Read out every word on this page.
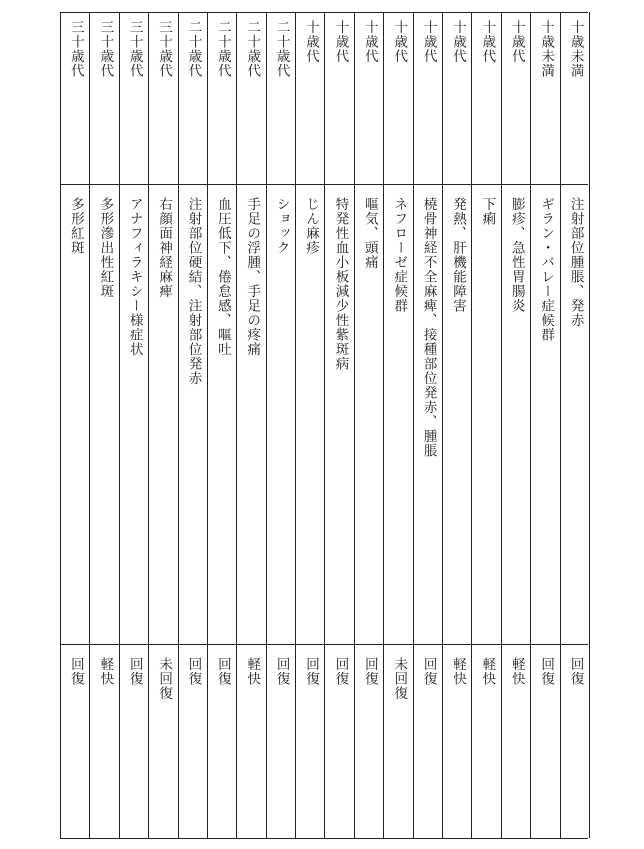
十歳未満
注射部位腫脹、発赤
回復
十歳未満
ギラン・バレー症候群
回復
十歳代
膨疹、急性胃腸炎
軽快
十歳代
下痢
軽快
十歳代
発熱、肝機能障害
軽快
十歳代
橈骨神経不全麻痺、接種部位発赤、腫脹
回復
十歳代
ネフローゼ症候群
未回復
十歳代
嘔気、頭痛
回復
十歳代
特発性血小板減少性紫斑病
回復
十歳代
じん麻疹
回復
二十歳代
ショック
回復
二十歳代
手足の浮腫、手足の疼痛
軽快
二十歳代
血圧低下、倦怠感、嘔吐
回復
二十歳代
注射部位硬結、注射部位発赤
回復
三十歳代
右顔面神経麻痺
未回復
三十歳代
アナフィラキシー様症状
回復
三十歳代
多形滲出性紅斑
軽快
三十歳代
多形紅斑
回復
